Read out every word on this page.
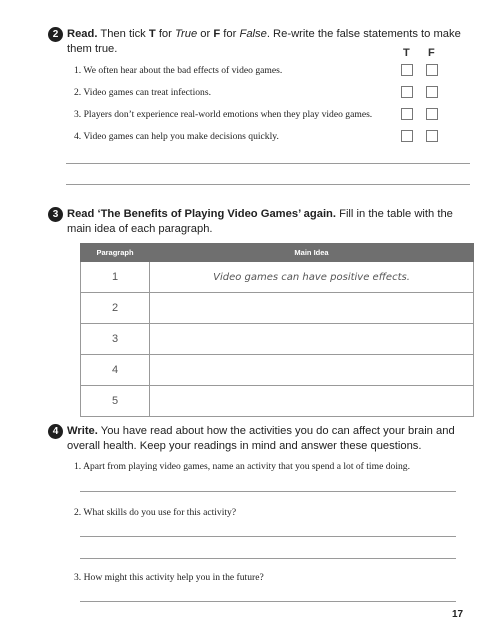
2 Read. Then tick T for True or F for False. Re-write the false statements to make them true.	T F
1. We often hear about the bad effects of video games.
2. Video games can treat infections.
3. Players don’t experience real-world emotions when they play video games.
4. Video games can help you make decisions quickly.
3 Read ‘The Benefits of Playing Video Games’ again. Fill in the table with the main idea of each paragraph.
Paragraph	Main Idea
1	Video games can have positive effects.
2	
3	
4	
5	
4 Write. You have read about how the activities you do can affect your brain and overall health. Keep your readings in mind and answer these questions.
1. Apart from playing video games, name an activity that you spend a lot of time doing.
2. What skills do you use for this activity?
3. How might this activity help you in the future?
17
